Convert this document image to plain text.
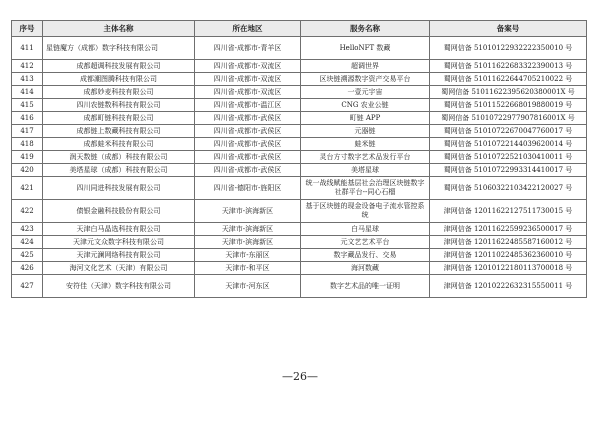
序号	主体名称	所在地区	服务名称	备案号
411	星链魔方（成都）数字科技有限公司	四川省-成都市-青羊区	HelloNFT 数藏	蜀网信备 51010122932222350010 号
412	成都超调科技发展有限公司	四川省-成都市-双流区	超调世界	蜀网信备 51011622683322390013 号
413	成都潮图腾科技有限公司	四川省-成都市-双流区	区块链溯源数字资产交易平台	蜀网信备 51011622644705210022 号
414	成都妙麦科技有限公司	四川省-成都市-双流区	一壹元宇宙	蜀网信备 51011622395620380001X 号
415	四川农链数科科技有限公司	四川省-成都市-温江区	CNG 农业公链	蜀网信备 51011522668019880019 号
416	成都町链科技有限公司	四川省-成都市-武侯区	町链 APP	蜀网信备 51010722977907816001X 号
417	成都链上数藏科技有限公司	四川省-成都市-武侯区	元器链	蜀网信备 51010722670047760017 号
418	成都蛙米科技有限公司	四川省-成都市-武侯区	蛙米链	蜀网信备 51010722144039620014 号
419	润天数链（成都）科技有限公司	四川省-成都市-武侯区	灵台方寸数字艺术品发行平台	蜀网信备 51010722521030410011 号
420	美塔星球（成都）科技有限公司	四川省-成都市-武侯区	美塔星球	蜀网信备 51010722993314410017 号
421	四川同进科技发展有限公司	四川省-德阳市-旌阳区	统一战线赋能基层社会治理区块链数字社群平台--同心石榴	蜀网信备 51060322103422120027 号
422	债银金融科技股份有限公司	天津市-滨海新区	基于区块链的现金设备电子流水管控系统	津网信备 12011622127511730015 号
423	天津白马晶选科技有限公司	天津市-滨海新区	白马星球	津网信备 12011622599236500017 号
424	天津元文众数字科技有限公司	天津市-滨海新区	元文艺艺术平台	津网信备 12011622485587160012 号
425	天津元澜网络科技有限公司	天津市-东丽区	数字藏品发行、交易	津网信备 12011022485362360010 号
426	海河文化艺术（天津）有限公司	天津市-和平区	海河数藏	津网信备 12010122180113700018 号
427	安符佳（天津）数字科技有限公司	天津市-河东区	数字艺术品的唯一证明	津网信备 12010222632315550011 号
—26—
